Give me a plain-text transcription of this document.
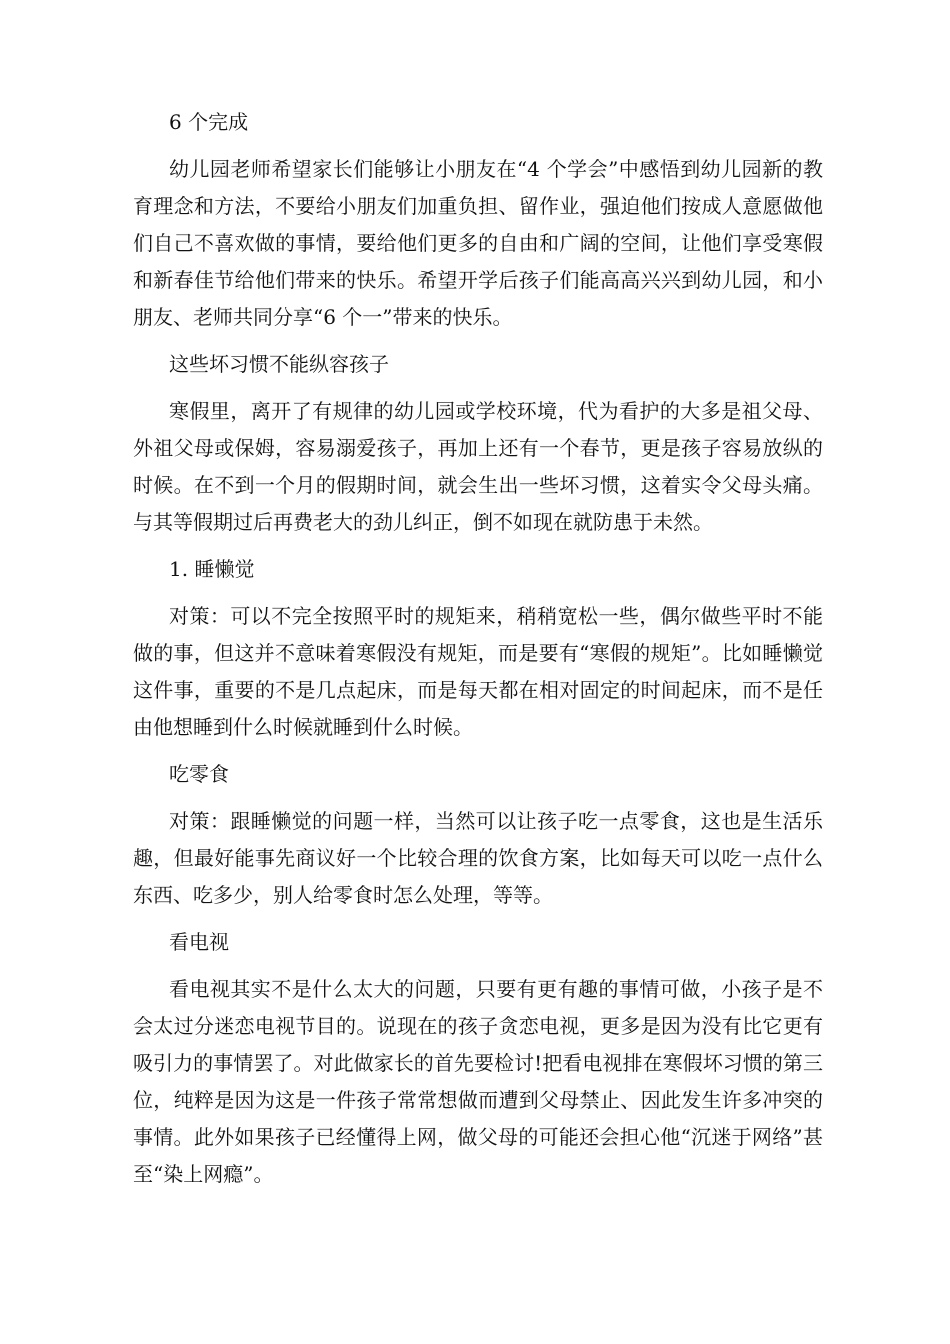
6 个完成
幼儿园老师希望家长们能够让小朋友在“4 个学会”中感悟到幼儿园新的教育理念和方法，不要给小朋友们加重负担、留作业，强迫他们按成人意愿做他们自己不喜欢做的事情，要给他们更多的自由和广阔的空间，让他们享受寒假和新春佳节给他们带来的快乐。希望开学后孩子们能高高兴兴到幼儿园，和小朋友、老师共同分享“6 个一”带来的快乐。
这些坏习惯不能纵容孩子
寒假里，离开了有规律的幼儿园或学校环境，代为看护的大多是祖父母、外祖父母或保姆，容易溺爱孩子，再加上还有一个春节，更是孩子容易放纵的时候。在不到一个月的假期时间，就会生出一些坏习惯，这着实令父母头痛。与其等假期过后再费老大的劲儿纠正，倒不如现在就防患于未然。
1. 睡懒觉
对策：可以不完全按照平时的规矩来，稍稍宽松一些，偶尔做些平时不能做的事，但这并不意味着寒假没有规矩，而是要有“寒假的规矩”。比如睡懒觉这件事，重要的不是几点起床，而是每天都在相对固定的时间起床，而不是任由他想睡到什么时候就睡到什么时候。
吃零食
对策：跟睡懒觉的问题一样，当然可以让孩子吃一点零食，这也是生活乐趣，但最好能事先商议好一个比较合理的饮食方案，比如每天可以吃一点什么东西、吃多少，别人给零食时怎么处理，等等。
看电视
看电视其实不是什么太大的问题，只要有更有趣的事情可做，小孩子是不会太过分迷恋电视节目的。说现在的孩子贪恋电视，更多是因为没有比它更有吸引力的事情罢了。对此做家长的首先要检讨!把看电视排在寒假坏习惯的第三位，纯粹是因为这是一件孩子常常想做而遭到父母禁止、因此发生许多冲突的事情。此外如果孩子已经懂得上网，做父母的可能还会担心他“沉迷于网络”甚至“染上网瘾”。
